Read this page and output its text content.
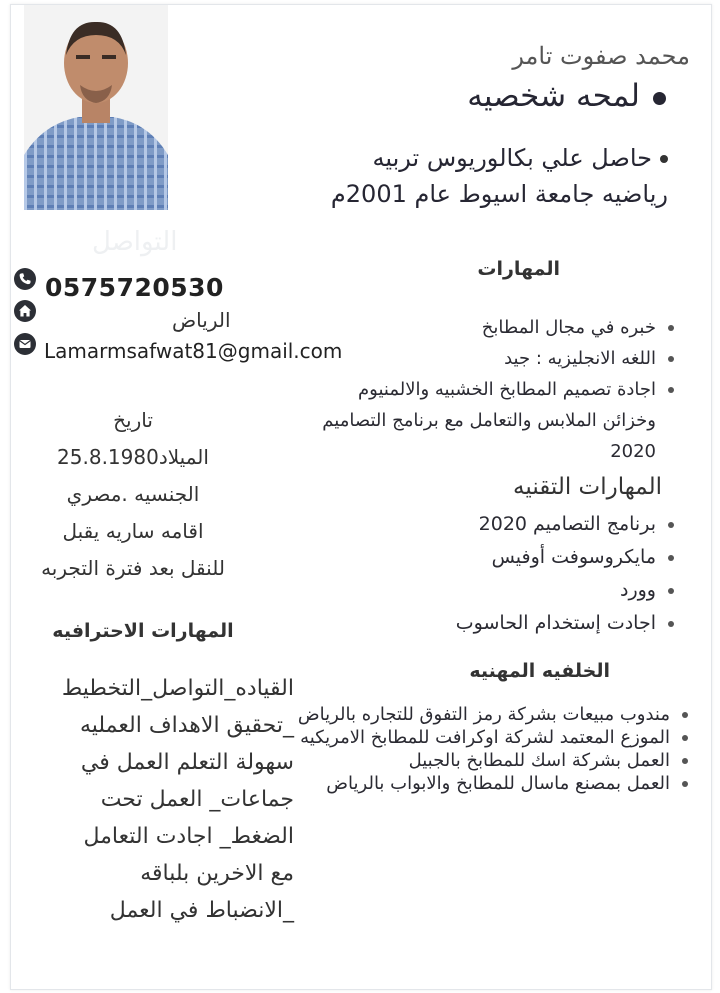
محمد صفوت تامر
لمحه شخصيه
حاصل علي بكالوريوس تربيه
رياضيه جامعة اسيوط عام 2001م
المهارات
خبره في مجال المطابخ
اللغه الانجليزيه : جيد
اجادة تصميم المطابخ الخشبيه والالمنيوم وخزائن الملابس والتعامل مع برنامج التصاميم 2020
المهارات التقنيه
برنامج التصاميم 2020
مايكروسوفت أوفيس
وورد
اجادت إستخدام الحاسوب
الخلفيه المهنيه
مندوب مبيعات بشركة رمز التفوق للتجاره بالرياض
الموزع المعتمد لشركة اوكرافت للمطابخ الامريكيه
العمل بشركة اسك للمطابخ بالجبيل
العمل بمصنع ماسال للمطابخ والابواب بالرياض
التواصل
0575720530
الرياض
Lamarmsafwat81@gmail.com
تاريخ
الميلاد25.8.1980
الجنسيه .مصري
اقامه ساريه يقبل
للنقل بعد فترة التجربه
المهارات الاحترافيه
القياده_التواصل_التخطيط
_تحقيق الاهداف العمليه
سهولة التعلم العمل في
جماعات_ العمل تحت
الضغط_ اجادت التعامل
مع الاخرين بلباقه
_الانضباط في العمل
